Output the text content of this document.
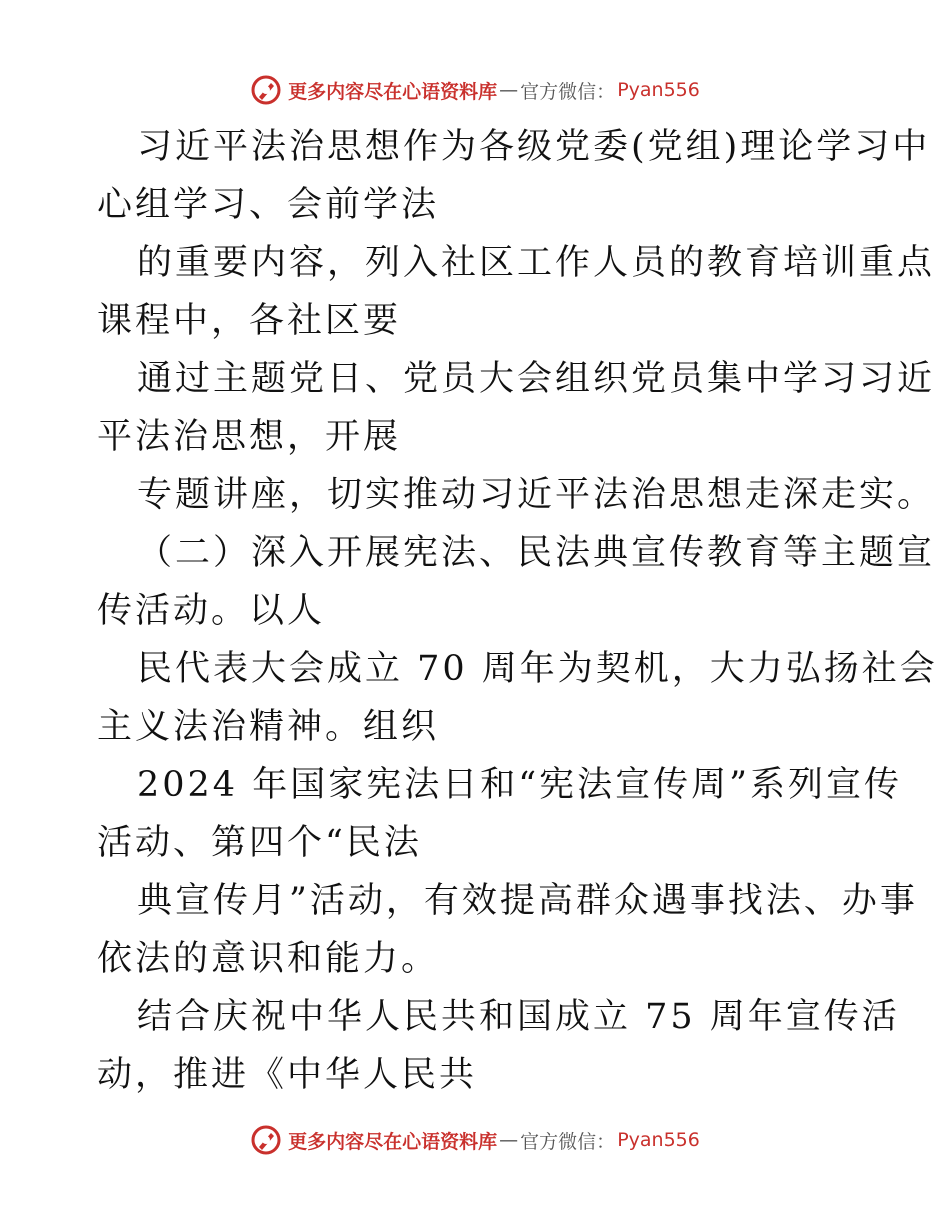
更多内容尽在心语资料库 — 官方微信： Pyan556
习近平法治思想作为各级党委(党组)理论学习中
心组学习、会前学法
的重要内容，列入社区工作人员的教育培训重点
课程中，各社区要
通过主题党日、党员大会组织党员集中学习习近
平法治思想，开展
专题讲座，切实推动习近平法治思想走深走实。
（二）深入开展宪法、民法典宣传教育等主题宣
传活动。以人
民代表大会成立 70 周年为契机，大力弘扬社会
主义法治精神。组织
2024 年国家宪法日和“宪法宣传周”系列宣传
活动、第四个“民法
典宣传月”活动，有效提高群众遇事找法、办事
依法的意识和能力。
结合庆祝中华人民共和国成立 75 周年宣传活
动，推进《中华人民共
更多内容尽在心语资料库 — 官方微信： Pyan556
